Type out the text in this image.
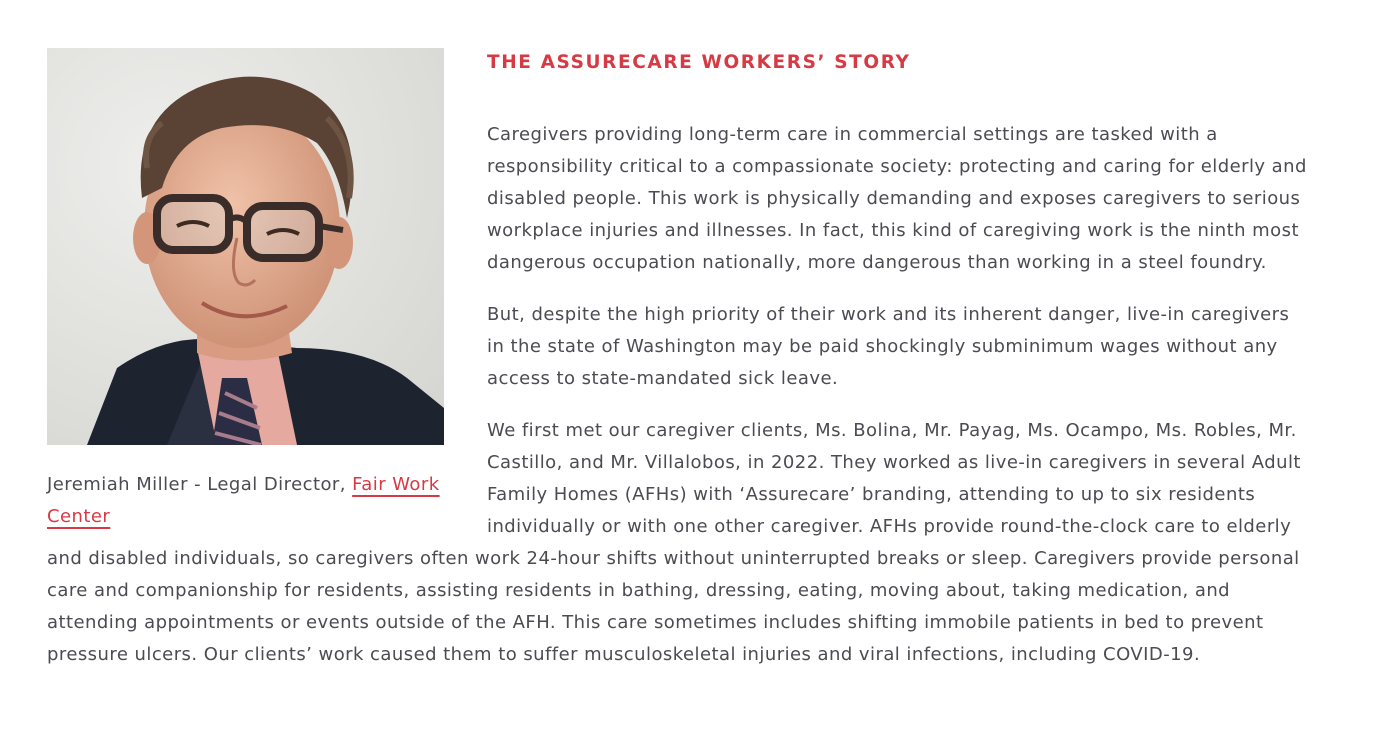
Jeremiah Miller - Legal Director, Fair Work Center
THE ASSURECARE WORKERS’ STORY

Caregivers providing long-term care in commercial settings are tasked with a responsibility critical to a compassionate society: protecting and caring for elderly and disabled people. This work is physically demanding and exposes caregivers to serious workplace injuries and illnesses. In fact, this kind of caregiving work is the ninth most dangerous occupation nationally, more dangerous than working in a steel foundry.

But, despite the high priority of their work and its inherent danger, live-in caregivers in the state of Washington may be paid shockingly subminimum wages without any access to state-mandated sick leave.

We first met our caregiver clients, Ms. Bolina, Mr. Payag, Ms. Ocampo, Ms. Robles, Mr. Castillo, and Mr. Villalobos, in 2022. They worked as live-in caregivers in several Adult Family Homes (AFHs) with ‘Assurecare’ branding, attending to up to six residents individually or with one other caregiver. AFHs provide round-the-clock care to elderly and disabled individuals, so caregivers often work 24-hour shifts without uninterrupted breaks or sleep. Caregivers provide personal care and companionship for residents, assisting residents in bathing, dressing, eating, moving about, taking medication, and attending appointments or events outside of the AFH. This care sometimes includes shifting immobile patients in bed to prevent pressure ulcers. Our clients’ work caused them to suffer musculoskeletal injuries and viral infections, including COVID-19.
